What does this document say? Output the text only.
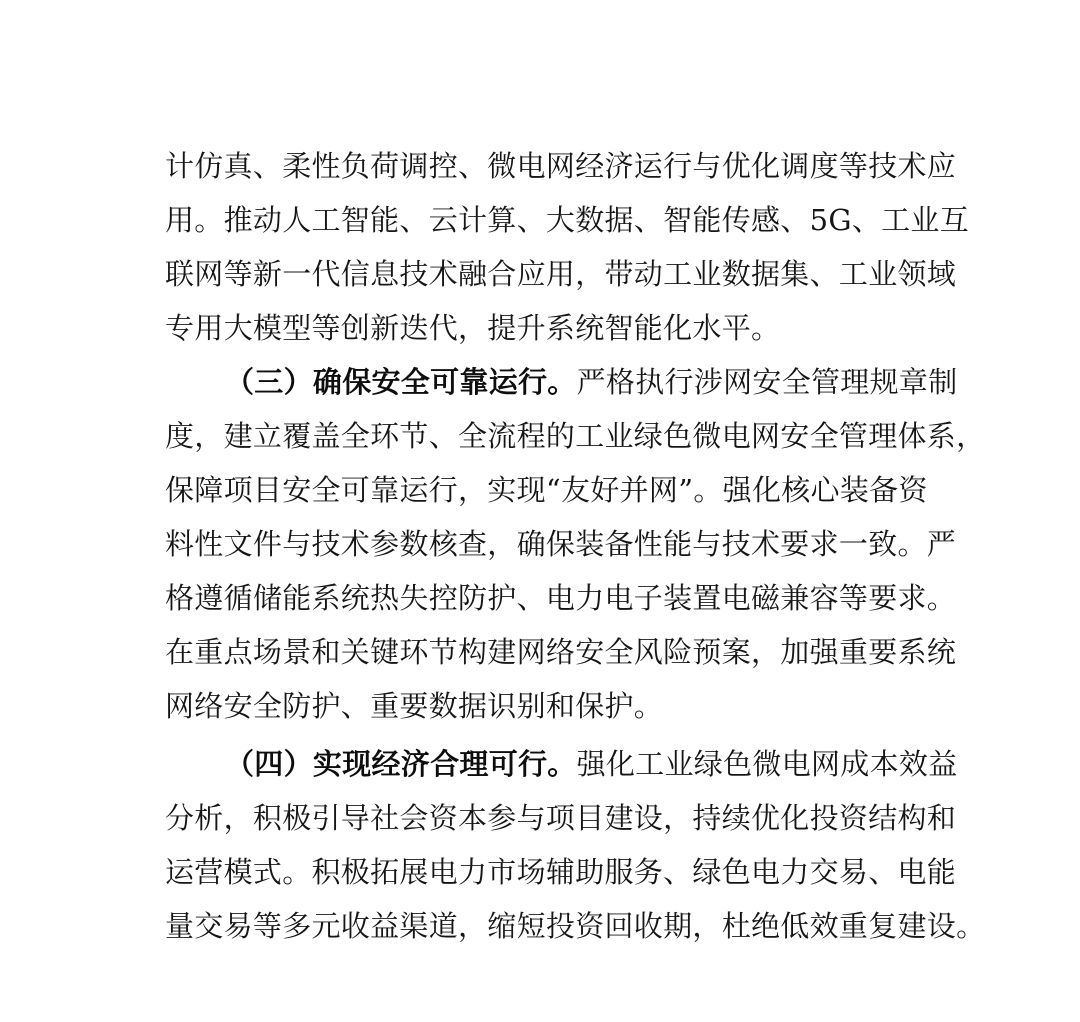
计仿真、柔性负荷调控、微电网经济运行与优化调度等技术应
用。推动人工智能、云计算、大数据、智能传感、5G、工业互
联网等新一代信息技术融合应用，带动工业数据集、工业领域
专用大模型等创新迭代，提升系统智能化水平。
（三）确保安全可靠运行。严格执行涉网安全管理规章制
度，建立覆盖全环节、全流程的工业绿色微电网安全管理体系，
保障项目安全可靠运行，实现“友好并网”。强化核心装备资
料性文件与技术参数核查，确保装备性能与技术要求一致。严
格遵循储能系统热失控防护、电力电子装置电磁兼容等要求。
在重点场景和关键环节构建网络安全风险预案，加强重要系统
网络安全防护、重要数据识别和保护。
（四）实现经济合理可行。强化工业绿色微电网成本效益
分析，积极引导社会资本参与项目建设，持续优化投资结构和
运营模式。积极拓展电力市场辅助服务、绿色电力交易、电能
量交易等多元收益渠道，缩短投资回收期，杜绝低效重复建设。
